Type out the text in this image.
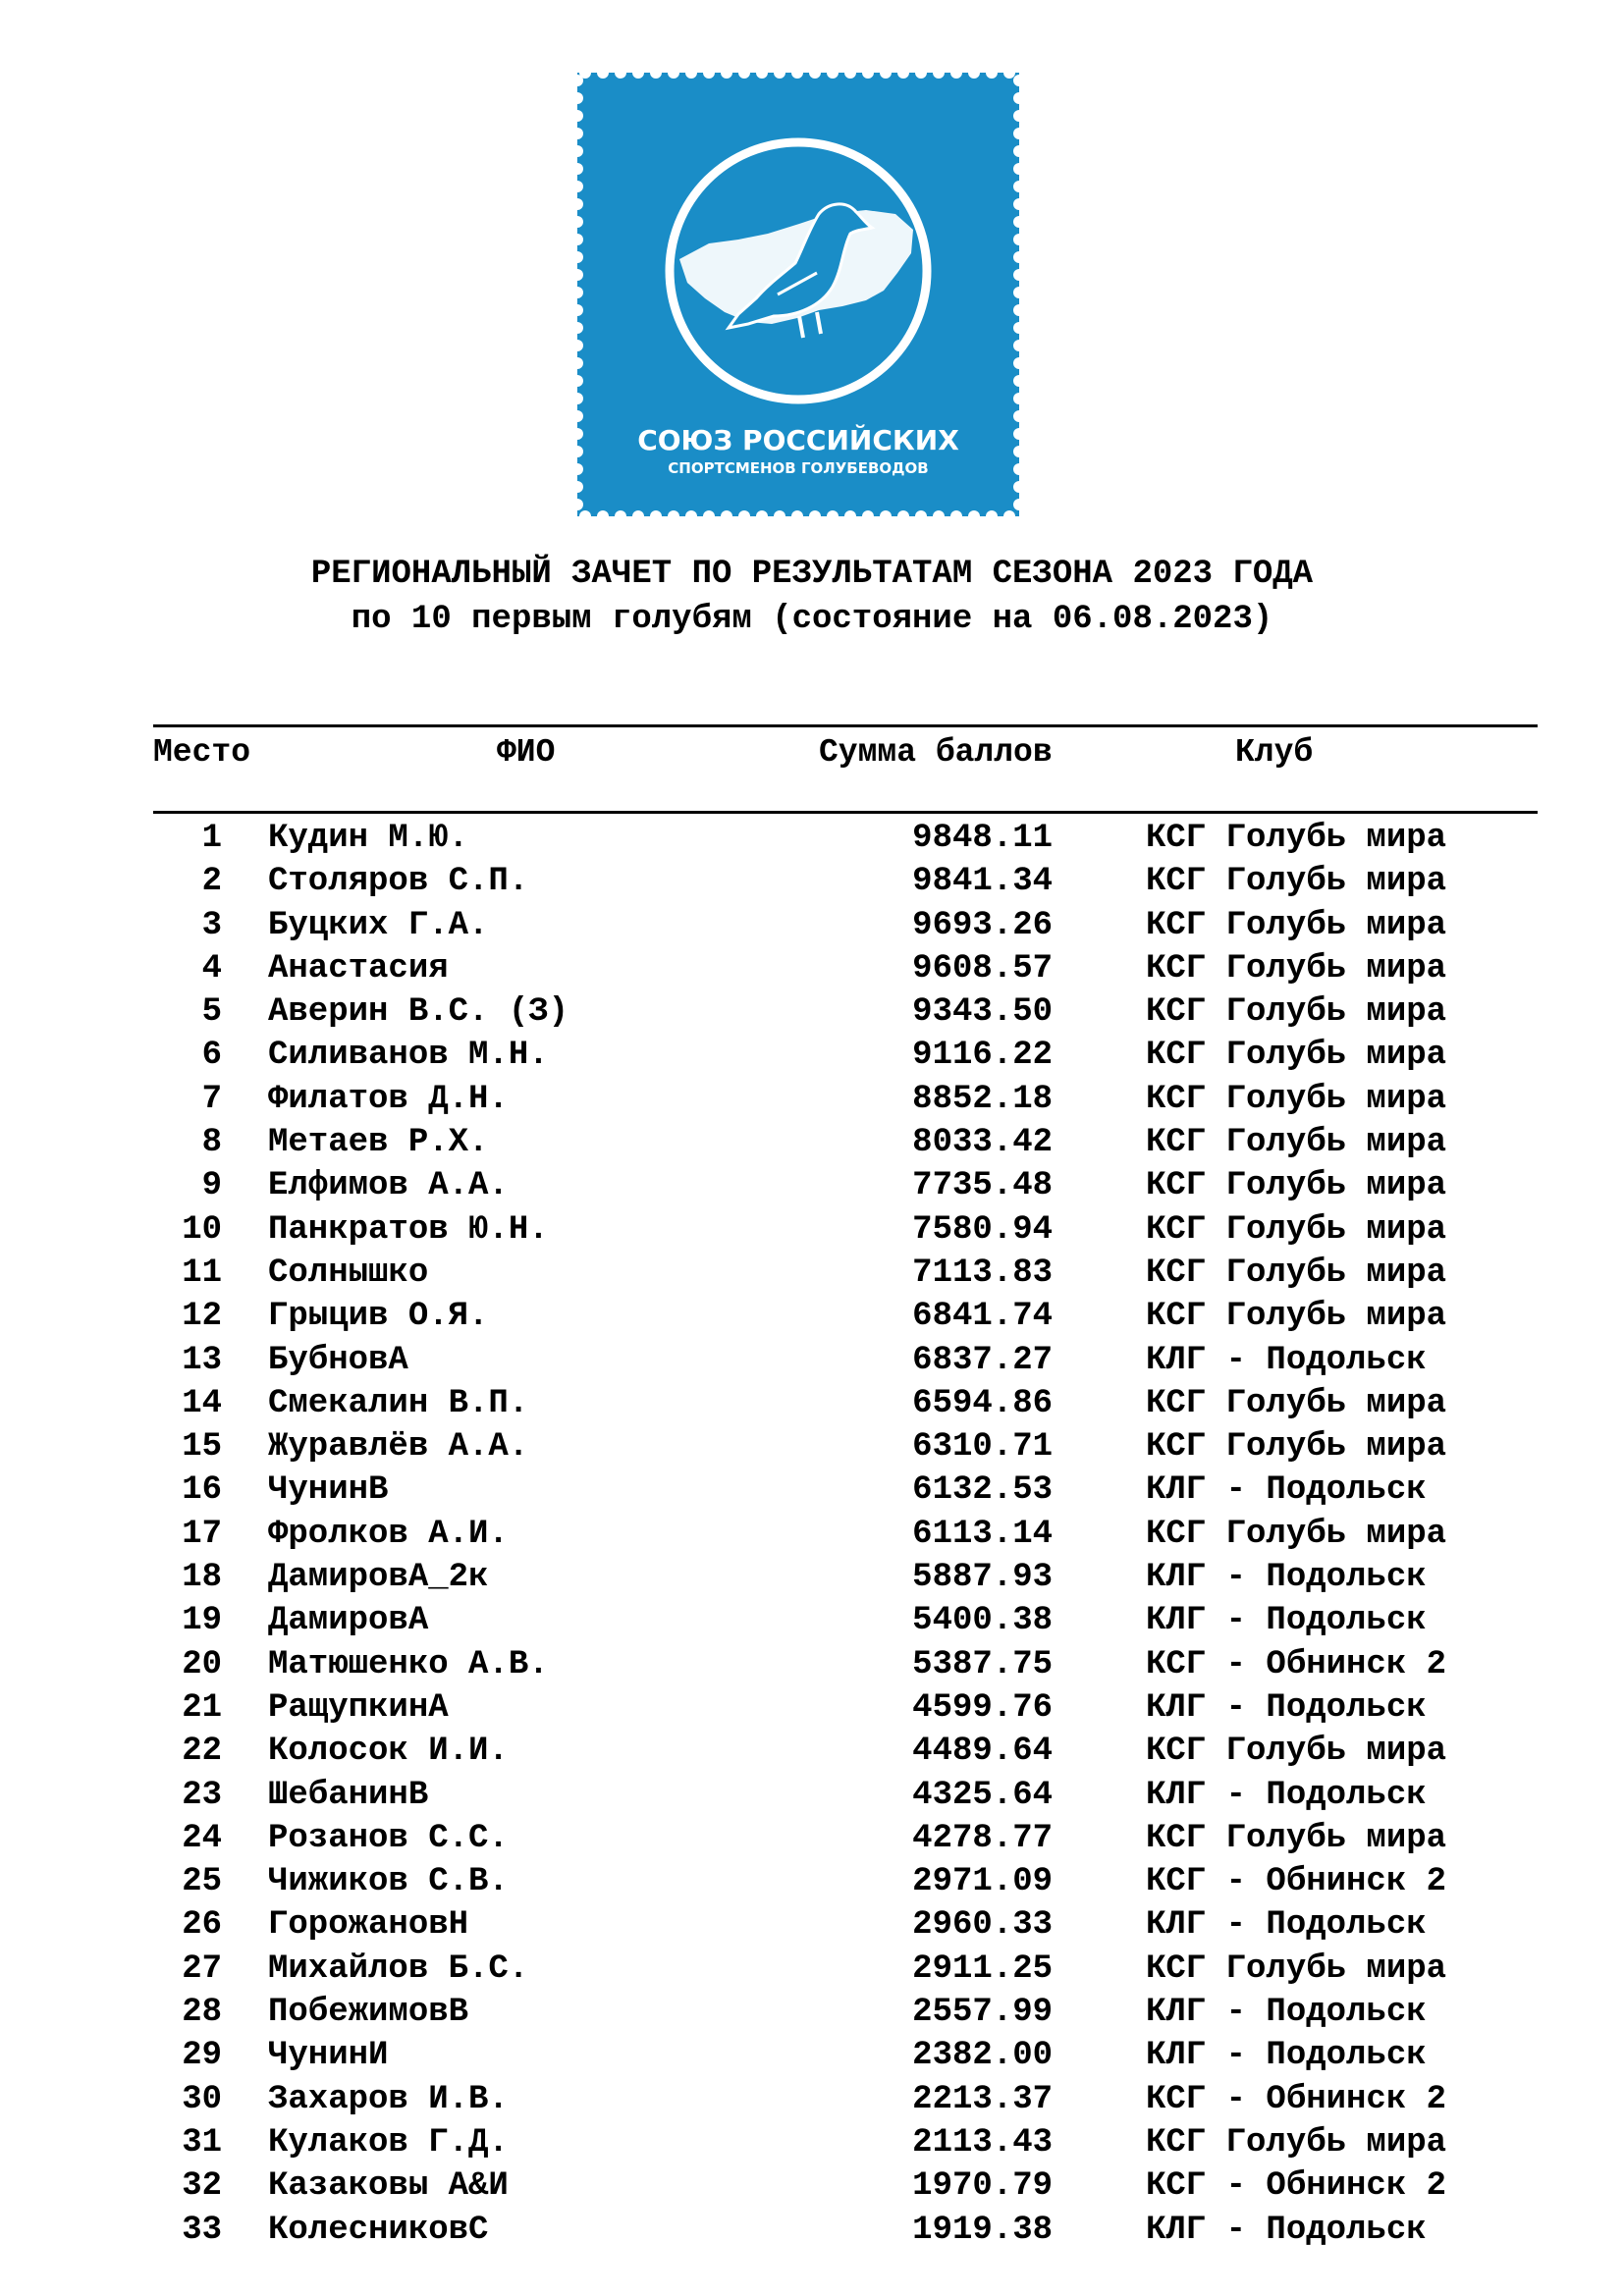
СОЮЗ РОССИЙСКИХ
СПОРТСМЕНОВ ГОЛУБЕВОДОВ
РЕГИОНАЛЬНЫЙ ЗАЧЕТ ПО РЕЗУЛЬТАТАМ СЕЗОНА 2023 ГОДА
по 10 первым голубям (состояние на 06.08.2023)
Место	ФИО	Сумма баллов	Клуб
1 Кудин М.Ю.	9848.11	КСГ Голубь мира
2 Столяров С.П.	9841.34	КСГ Голубь мира
3 Буцких Г.А.	9693.26	КСГ Голубь мира
4 Анастасия	9608.57	КСГ Голубь мира
5 Аверин В.С. (З)	9343.50	КСГ Голубь мира
6 Силиванов М.Н.	9116.22	КСГ Голубь мира
7 Филатов Д.Н.	8852.18	КСГ Голубь мира
8 Метаев Р.Х.	8033.42	КСГ Голубь мира
9 Елфимов А.А.	7735.48	КСГ Голубь мира
10 Панкратов Ю.Н.	7580.94	КСГ Голубь мира
11 Солнышко	7113.83	КСГ Голубь мира
12 Грыцив О.Я.	6841.74	КСГ Голубь мира
13 БубновА	6837.27	КЛГ - Подольск
14 Смекалин В.П.	6594.86	КСГ Голубь мира
15 Журавлёв А.А.	6310.71	КСГ Голубь мира
16 ЧунинВ	6132.53	КЛГ - Подольск
17 Фролков А.И.	6113.14	КСГ Голубь мира
18 ДамировА_2к	5887.93	КЛГ - Подольск
19 ДамировА	5400.38	КЛГ - Подольск
20 Матюшенко А.В.	5387.75	КСГ - Обнинск 2
21 РащупкинА	4599.76	КЛГ - Подольск
22 Колосок И.И.	4489.64	КСГ Голубь мира
23 ШебанинВ	4325.64	КЛГ - Подольск
24 Розанов С.С.	4278.77	КСГ Голубь мира
25 Чижиков С.В.	2971.09	КСГ - Обнинск 2
26 ГорожановН	2960.33	КЛГ - Подольск
27 Михайлов Б.С.	2911.25	КСГ Голубь мира
28 ПобежимовВ	2557.99	КЛГ - Подольск
29 ЧунинИ	2382.00	КЛГ - Подольск
30 Захаров И.В.	2213.37	КСГ - Обнинск 2
31 Кулаков Г.Д.	2113.43	КСГ Голубь мира
32 Казаковы А&И	1970.79	КСГ - Обнинск 2
33 КолесниковС	1919.38	КЛГ - Подольск
